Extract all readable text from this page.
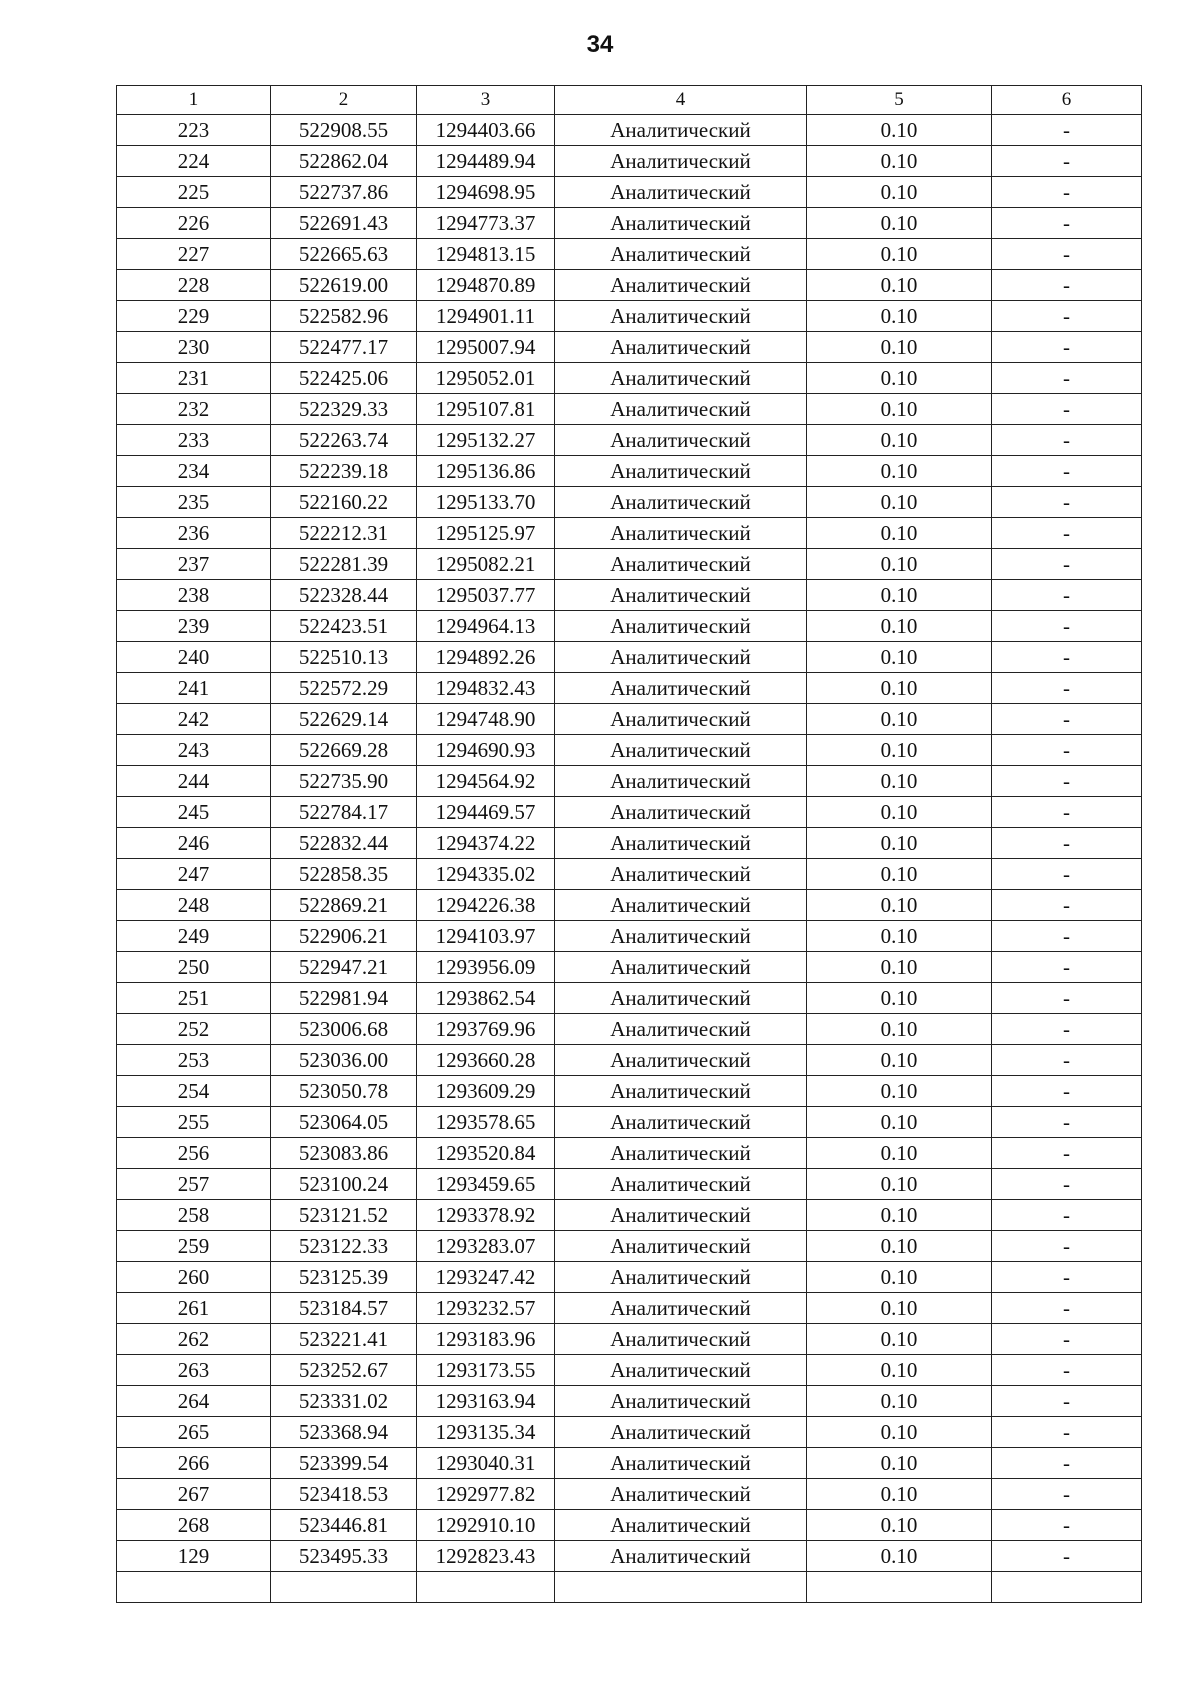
34
1	2	3	4	5	6
223	522908.55	1294403.66	Аналитический	0.10	-
224	522862.04	1294489.94	Аналитический	0.10	-
225	522737.86	1294698.95	Аналитический	0.10	-
226	522691.43	1294773.37	Аналитический	0.10	-
227	522665.63	1294813.15	Аналитический	0.10	-
228	522619.00	1294870.89	Аналитический	0.10	-
229	522582.96	1294901.11	Аналитический	0.10	-
230	522477.17	1295007.94	Аналитический	0.10	-
231	522425.06	1295052.01	Аналитический	0.10	-
232	522329.33	1295107.81	Аналитический	0.10	-
233	522263.74	1295132.27	Аналитический	0.10	-
234	522239.18	1295136.86	Аналитический	0.10	-
235	522160.22	1295133.70	Аналитический	0.10	-
236	522212.31	1295125.97	Аналитический	0.10	-
237	522281.39	1295082.21	Аналитический	0.10	-
238	522328.44	1295037.77	Аналитический	0.10	-
239	522423.51	1294964.13	Аналитический	0.10	-
240	522510.13	1294892.26	Аналитический	0.10	-
241	522572.29	1294832.43	Аналитический	0.10	-
242	522629.14	1294748.90	Аналитический	0.10	-
243	522669.28	1294690.93	Аналитический	0.10	-
244	522735.90	1294564.92	Аналитический	0.10	-
245	522784.17	1294469.57	Аналитический	0.10	-
246	522832.44	1294374.22	Аналитический	0.10	-
247	522858.35	1294335.02	Аналитический	0.10	-
248	522869.21	1294226.38	Аналитический	0.10	-
249	522906.21	1294103.97	Аналитический	0.10	-
250	522947.21	1293956.09	Аналитический	0.10	-
251	522981.94	1293862.54	Аналитический	0.10	-
252	523006.68	1293769.96	Аналитический	0.10	-
253	523036.00	1293660.28	Аналитический	0.10	-
254	523050.78	1293609.29	Аналитический	0.10	-
255	523064.05	1293578.65	Аналитический	0.10	-
256	523083.86	1293520.84	Аналитический	0.10	-
257	523100.24	1293459.65	Аналитический	0.10	-
258	523121.52	1293378.92	Аналитический	0.10	-
259	523122.33	1293283.07	Аналитический	0.10	-
260	523125.39	1293247.42	Аналитический	0.10	-
261	523184.57	1293232.57	Аналитический	0.10	-
262	523221.41	1293183.96	Аналитический	0.10	-
263	523252.67	1293173.55	Аналитический	0.10	-
264	523331.02	1293163.94	Аналитический	0.10	-
265	523368.94	1293135.34	Аналитический	0.10	-
266	523399.54	1293040.31	Аналитический	0.10	-
267	523418.53	1292977.82	Аналитический	0.10	-
268	523446.81	1292910.10	Аналитический	0.10	-
129	523495.33	1292823.43	Аналитический	0.10	-
